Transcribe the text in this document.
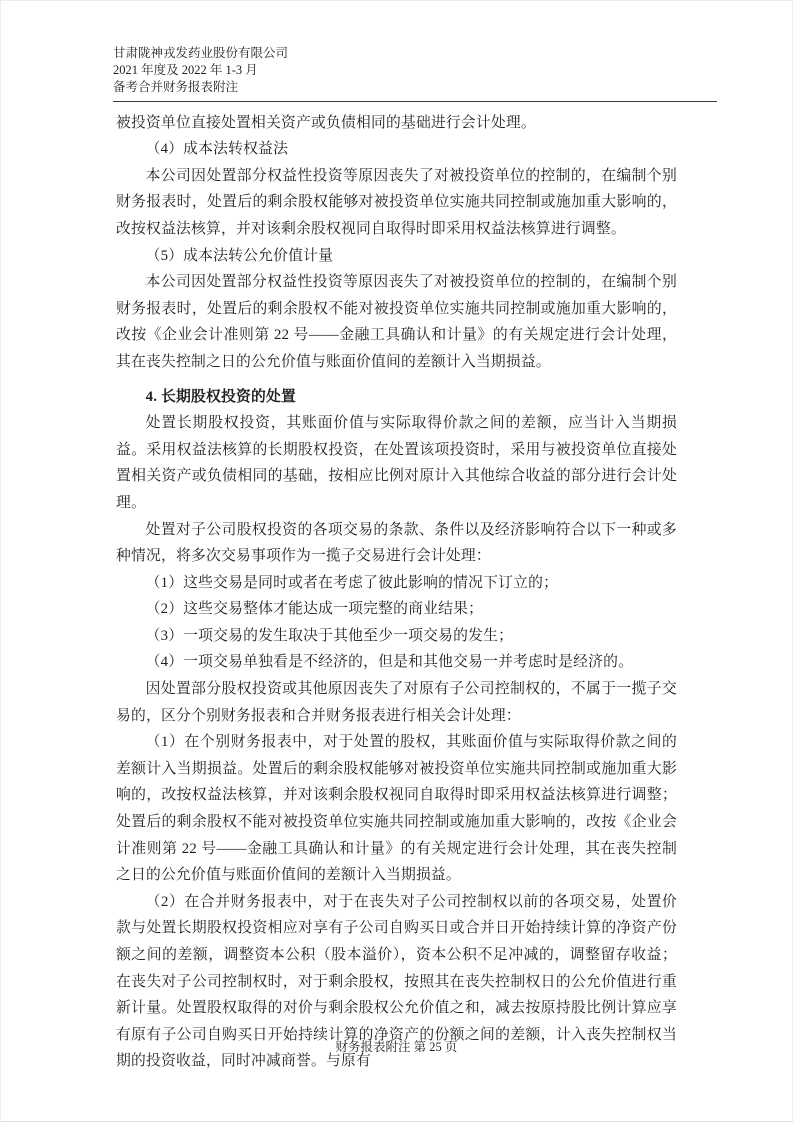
甘肃陇神戎发药业股份有限公司
2021 年度及 2022 年 1-3 月
备考合并财务报表附注

被投资单位直接处置相关资产或负债相同的基础进行会计处理。

（4）成本法转权益法

本公司因处置部分权益性投资等原因丧失了对被投资单位的控制的，在编制个别财务报表时，处置后的剩余股权能够对被投资单位实施共同控制或施加重大影响的，改按权益法核算，并对该剩余股权视同自取得时即采用权益法核算进行调整。

（5）成本法转公允价值计量

本公司因处置部分权益性投资等原因丧失了对被投资单位的控制的，在编制个别财务报表时，处置后的剩余股权不能对被投资单位实施共同控制或施加重大影响的，改按《企业会计准则第 22 号——金融工具确认和计量》的有关规定进行会计处理，其在丧失控制之日的公允价值与账面价值间的差额计入当期损益。

4. 长期股权投资的处置

处置长期股权投资，其账面价值与实际取得价款之间的差额，应当计入当期损益。采用权益法核算的长期股权投资，在处置该项投资时，采用与被投资单位直接处置相关资产或负债相同的基础，按相应比例对原计入其他综合收益的部分进行会计处理。

处置对子公司股权投资的各项交易的条款、条件以及经济影响符合以下一种或多种情况，将多次交易事项作为一揽子交易进行会计处理：

（1）这些交易是同时或者在考虑了彼此影响的情况下订立的；

（2）这些交易整体才能达成一项完整的商业结果；

（3）一项交易的发生取决于其他至少一项交易的发生；

（4）一项交易单独看是不经济的，但是和其他交易一并考虑时是经济的。

因处置部分股权投资或其他原因丧失了对原有子公司控制权的，不属于一揽子交易的，区分个别财务报表和合并财务报表进行相关会计处理：

（1）在个别财务报表中，对于处置的股权，其账面价值与实际取得价款之间的差额计入当期损益。处置后的剩余股权能够对被投资单位实施共同控制或施加重大影响的，改按权益法核算，并对该剩余股权视同自取得时即采用权益法核算进行调整；处置后的剩余股权不能对被投资单位实施共同控制或施加重大影响的，改按《企业会计准则第 22 号——金融工具确认和计量》的有关规定进行会计处理，其在丧失控制之日的公允价值与账面价值间的差额计入当期损益。

（2）在合并财务报表中，对于在丧失对子公司控制权以前的各项交易，处置价款与处置长期股权投资相应对享有子公司自购买日或合并日开始持续计算的净资产份额之间的差额，调整资本公积（股本溢价），资本公积不足冲减的，调整留存收益；在丧失对子公司控制权时，对于剩余股权，按照其在丧失控制权日的公允价值进行重新计量。处置股权取得的对价与剩余股权公允价值之和，减去按原持股比例计算应享有原有子公司自购买日开始持续计算的净资产的份额之间的差额，计入丧失控制权当期的投资收益，同时冲减商誉。与原有

财务报表附注 第 25 页
